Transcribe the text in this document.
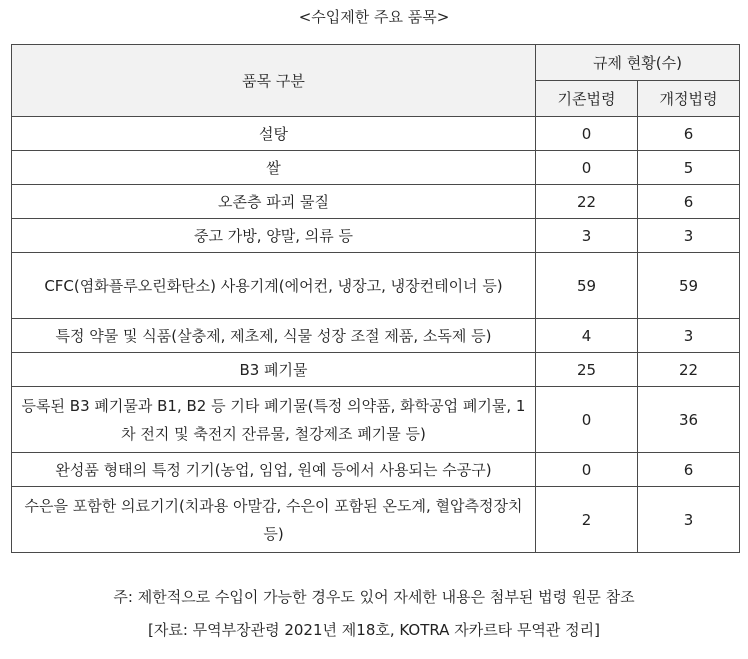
<수입제한 주요 품목>
품목 구분	규제 현황(수)	
	기존법령	개정법령
설탕	0	6
쌀	0	5
오존층 파괴 물질	22	6
중고 가방, 양말, 의류 등	3	3
CFC(염화플루오린화탄소) 사용기계(에어컨, 냉장고, 냉장컨테이너 등)	59	59
특정 약물 및 식품(살충제, 제초제, 식물 성장 조절 제품, 소독제 등)	4	3
B3 폐기물	25	22
등록된 B3 폐기물과 B1, B2 등 기타 폐기물(특정 의약품, 화학공업 폐기물, 1차 전지 및 축전지 잔류물, 철강제조 폐기물 등)	0	36
완성품 형태의 특정 기기(농업, 임업, 원예 등에서 사용되는 수공구)	0	6
수은을 포함한 의료기기(치과용 아말감, 수은이 포함된 온도계, 혈압측정장치 등)	2	3
주: 제한적으로 수입이 가능한 경우도 있어 자세한 내용은 첨부된 법령 원문 참조
[자료: 무역부장관령 2021년 제18호, KOTRA 자카르타 무역관 정리]
